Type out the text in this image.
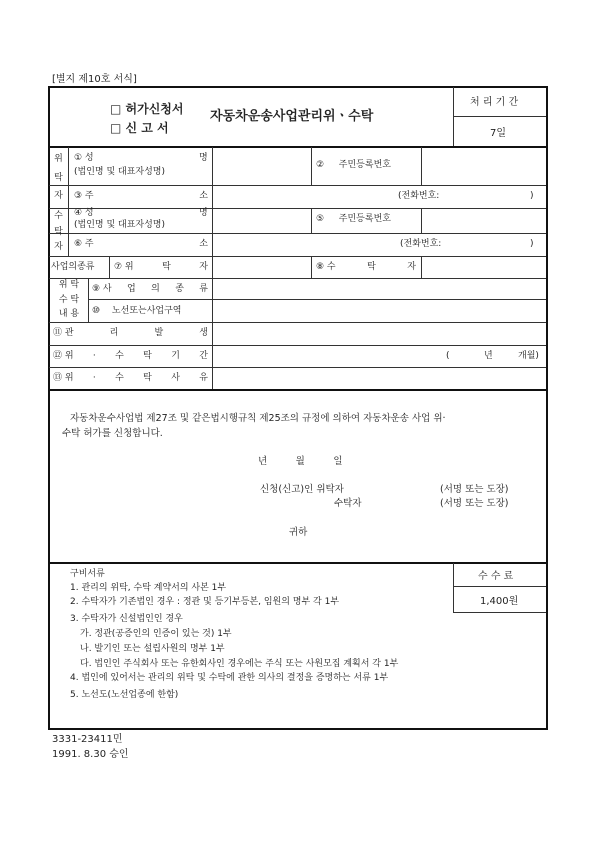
[별지 제10호 서식]
□ 허가신청서
□ 신 고 서
자동차운송사업관리위ㆍ수탁
처 리 기 간
7일
위
탁
자
① 성	명
(법인명 및 대표자성명)
② 　 주민등록번호
③ 주	소	(전화번호:	)
수
탁
자
④ 성	명
(법인명 및 대표자성명)
⑤ 　 주민등록번호
⑥ 주	소	(전화번호:	)
사업의종류 ⑦ 위	탁	자	⑧ 수	탁	자
위 탁
수 탁
내 용
⑨ 사 업 의 종 류
⑩　 노선또는사업구역
⑪ 관	리	발	생
⑫ 위 · 수 탁 기 간	(	년	개월)
⑬ 위 · 수 탁 사 유
자동차운수사업법 제27조 및 같은법시행규칙 제25조의 규정에 의하여 자동차운송 사업 위·
수탁 허가를 신청합니다.
년　　　월　　　일
신청(신고)인 위탁자
수탁자
(서명 또는 도장)
(서명 또는 도장)
귀하
구비서류
1. 관리의 위탁, 수탁 계약서의 사본 1부
2. 수탁자가 기존법인 경우 : 정관 및 등기부등본, 임원의 명부 각 1부
3. 수탁자가 신설법인인 경우
가. 정관(공증인의 인증이 있는 것) 1부
나. 발기인 또는 설립사원의 명부 1부
다. 법인인 주식회사 또는 유한회사인 경우에는 주식 또는 사원모집 계획서 각 1부
4. 법인에 있어서는 관리의 위탁 및 수탁에 관한 의사의 결정을 증명하는 서류 1부
5. 노선도(노선업종에 한함)
수 수 료
1,400원
3331-23411민
1991. 8.30 승인
